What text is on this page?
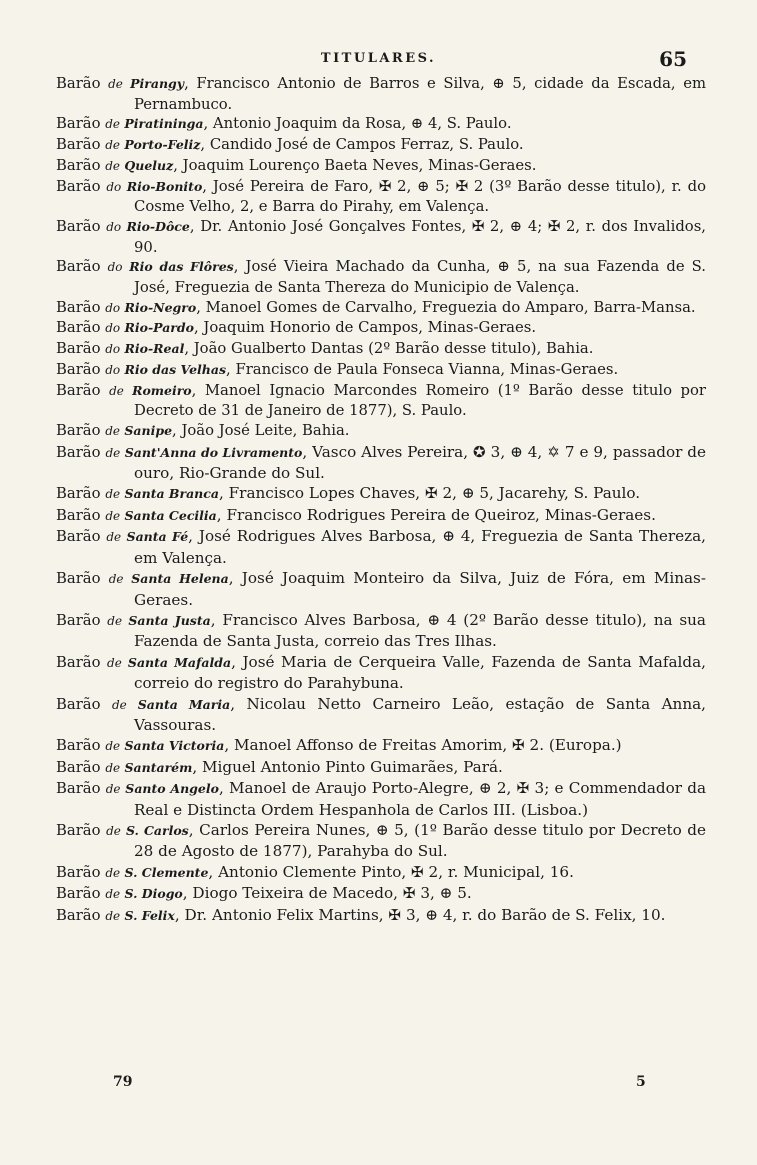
TITULARES.	65
Barão de Pirangy, Francisco Antonio de Barros e Silva, ⊕ 5, cidade da Escada, em Pernambuco.
Barão de Piratininga, Antonio Joaquim da Rosa, ⊕ 4, S. Paulo.
Barão de Porto-Feliz, Candido José de Campos Ferraz, S. Paulo.
Barão de Queluz, Joaquim Lourenço Baeta Neves, Minas-Geraes.
Barão do Rio-Bonito, José Pereira de Faro, ✠ 2, ⊕ 5; ✠ 2 (3º Barão desse titulo), r. do Cosme Velho, 2, e Barra do Pirahy, em Valença.
Barão do Rio-Dôce, Dr. Antonio José Gonçalves Fontes, ✠ 2, ⊕ 4; ✠ 2, r. dos Invalidos, 90.
Barão do Rio das Flôres, José Vieira Machado da Cunha, ⊕ 5, na sua Fazenda de S. José, Freguezia de Santa Thereza do Municipio de Valença.
Barão do Rio-Negro, Manoel Gomes de Carvalho, Freguezia do Amparo, Barra-Mansa.
Barão do Rio-Pardo, Joaquim Honorio de Campos, Minas-Geraes.
Barão do Rio-Real, João Gualberto Dantas (2º Barão desse titulo), Bahia.
Barão do Rio das Velhas, Francisco de Paula Fonseca Vianna, Minas-Geraes.
Barão de Romeiro, Manoel Ignacio Marcondes Romeiro (1º Barão desse titulo por Decreto de 31 de Janeiro de 1877), S. Paulo.
Barão de Sanipe, João José Leite, Bahia.
Barão de Sant'Anna do Livramento, Vasco Alves Pereira, ✪ 3, ⊕ 4, ✡ 7 e 9, passador de ouro, Rio-Grande do Sul.
Barão de Santa Branca, Francisco Lopes Chaves, ✠ 2, ⊕ 5, Jacarehy, S. Paulo.
Barão de Santa Cecilia, Francisco Rodrigues Pereira de Queiroz, Minas-Geraes.
Barão de Santa Fé, José Rodrigues Alves Barbosa, ⊕ 4, Freguezia de Santa Thereza, em Valença.
Barão de Santa Helena, José Joaquim Monteiro da Silva, Juiz de Fóra, em Minas-Geraes.
Barão de Santa Justa, Francisco Alves Barbosa, ⊕ 4 (2º Barão desse titulo), na sua Fazenda de Santa Justa, correio das Tres Ilhas.
Barão de Santa Mafalda, José Maria de Cerqueira Valle, Fazenda de Santa Mafalda, correio do registro do Parahybuna.
Barão de Santa Maria, Nicolau Netto Carneiro Leão, estação de Santa Anna, Vassouras.
Barão de Santa Victoria, Manoel Affonso de Freitas Amorim, ✠ 2. (Europa.)
Barão de Santarém, Miguel Antonio Pinto Guimarães, Pará.
Barão de Santo Angelo, Manoel de Araujo Porto-Alegre, ⊕ 2, ✠ 3; e Commendador da Real e Distincta Ordem Hespanhola de Carlos III. (Lisboa.)
Barão de S. Carlos, Carlos Pereira Nunes, ⊕ 5, (1º Barão desse titulo por Decreto de 28 de Agosto de 1877), Parahyba do Sul.
Barão de S. Clemente, Antonio Clemente Pinto, ✠ 2, r. Municipal, 16.
Barão de S. Diogo, Diogo Teixeira de Macedo, ✠ 3, ⊕ 5.
Barão de S. Felix, Dr. Antonio Felix Martins, ✠ 3, ⊕ 4, r. do Barão de S. Felix, 10.
79	5
